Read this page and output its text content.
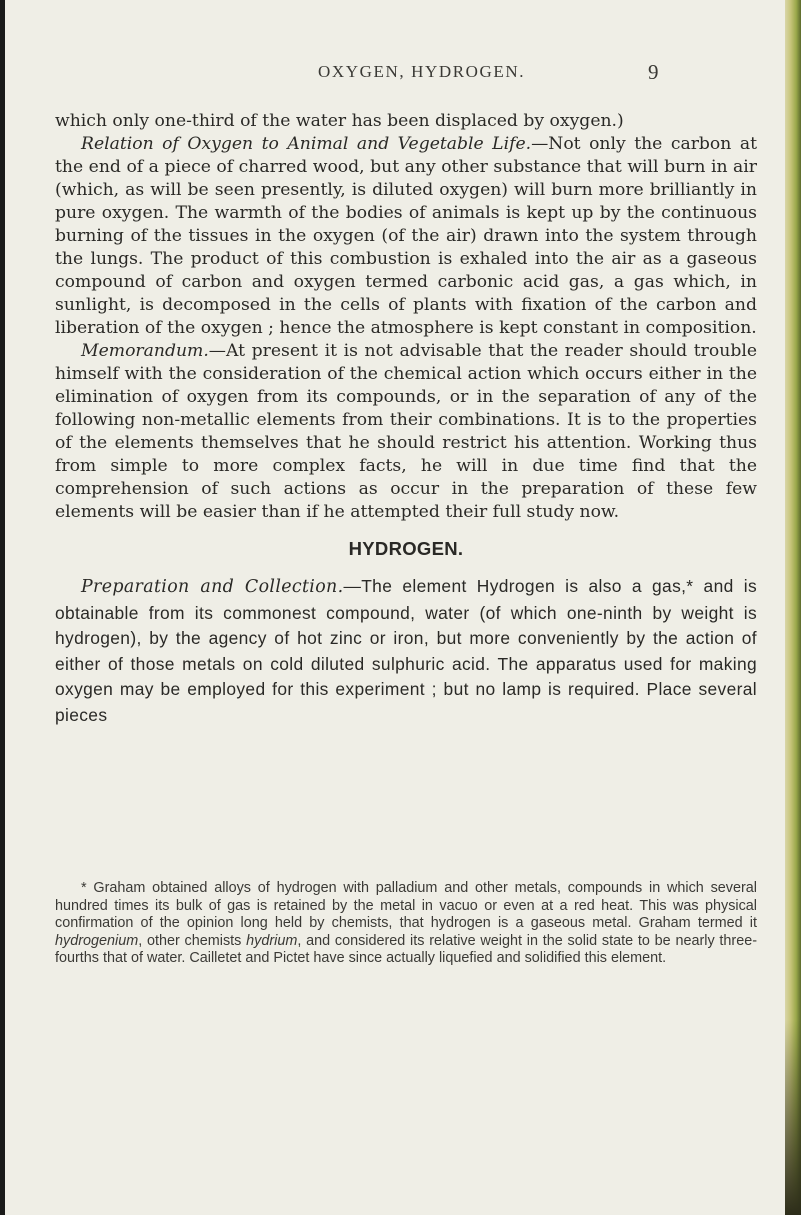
OXYGEN, HYDROGEN.	9

which only one-third of the water has been displaced by oxygen.)

Relation of Oxygen to Animal and Vegetable Life.—Not only the carbon at the end of a piece of charred wood, but any other substance that will burn in air (which, as will be seen presently, is diluted oxygen) will burn more brilliantly in pure oxygen. The warmth of the bodies of animals is kept up by the continuous burning of the tissues in the oxygen (of the air) drawn into the system through the lungs. The product of this combustion is exhaled into the air as a gaseous compound of carbon and oxygen termed carbonic acid gas, a gas which, in sunlight, is decomposed in the cells of plants with fixation of the carbon and liberation of the oxygen ; hence the atmosphere is kept constant in composition.

Memorandum.—At present it is not advisable that the reader should trouble himself with the consideration of the chemical action which occurs either in the elimination of oxygen from its compounds, or in the separation of any of the following non-metallic elements from their combinations. It is to the properties of the elements themselves that he should restrict his attention. Working thus from simple to more complex facts, he will in due time find that the comprehension of such actions as occur in the preparation of these few elements will be easier than if he attempted their full study now.

HYDROGEN.

Preparation and Collection.—The element Hydrogen is also a gas,* and is obtainable from its commonest compound, water (of which one-ninth by weight is hydrogen), by the agency of hot zinc or iron, but more conveniently by the action of either of those metals on cold diluted sulphuric acid. The apparatus used for making oxygen may be employed for this experiment ; but no lamp is required. Place several pieces

* Graham obtained alloys of hydrogen with palladium and other metals, compounds in which several hundred times its bulk of gas is retained by the metal in vacuo or even at a red heat. This was physical confirmation of the opinion long held by chemists, that hydrogen is a gaseous metal. Graham termed it hydrogenium, other chemists hydrium, and considered its relative weight in the solid state to be nearly three-fourths that of water. Cailletet and Pictet have since actually liquefied and solidified this element.
